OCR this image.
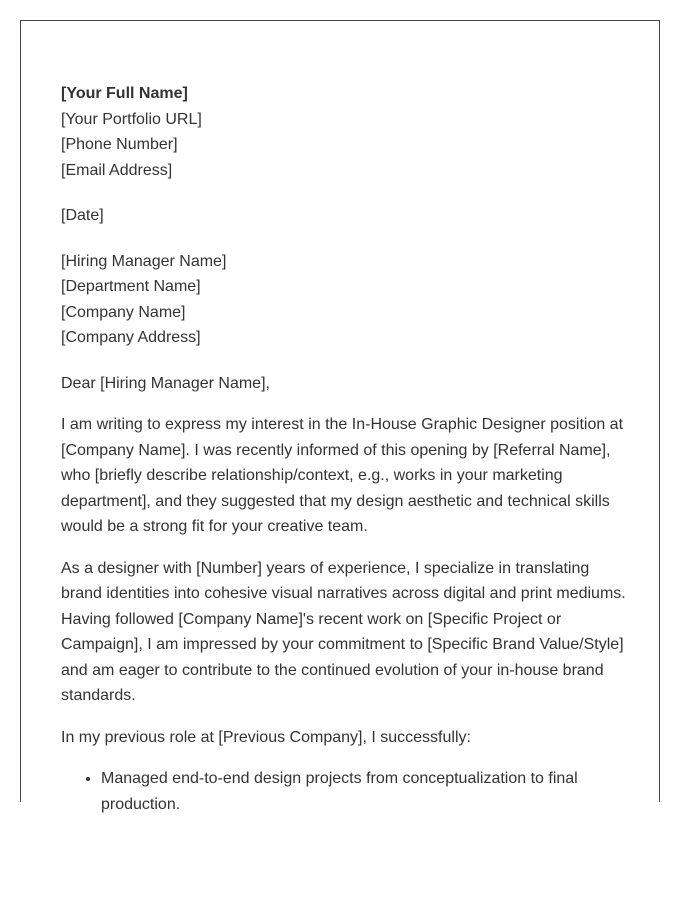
[Your Full Name]
[Your Portfolio URL]
[Phone Number]
[Email Address]
[Date]
[Hiring Manager Name]
[Department Name]
[Company Name]
[Company Address]
Dear [Hiring Manager Name],

I am writing to express my interest in the In-House Graphic Designer position at [Company Name]. I was recently informed of this opening by [Referral Name], who [briefly describe relationship/context, e.g., works in your marketing department], and they suggested that my design aesthetic and technical skills would be a strong fit for your creative team.

As a designer with [Number] years of experience, I specialize in translating brand identities into cohesive visual narratives across digital and print mediums. Having followed [Company Name]'s recent work on [Specific Project or Campaign], I am impressed by your commitment to [Specific Brand Value/Style] and am eager to contribute to the continued evolution of your in-house brand standards.

In my previous role at [Previous Company], I successfully:

• Managed end-to-end design projects from conceptualization to final production.
